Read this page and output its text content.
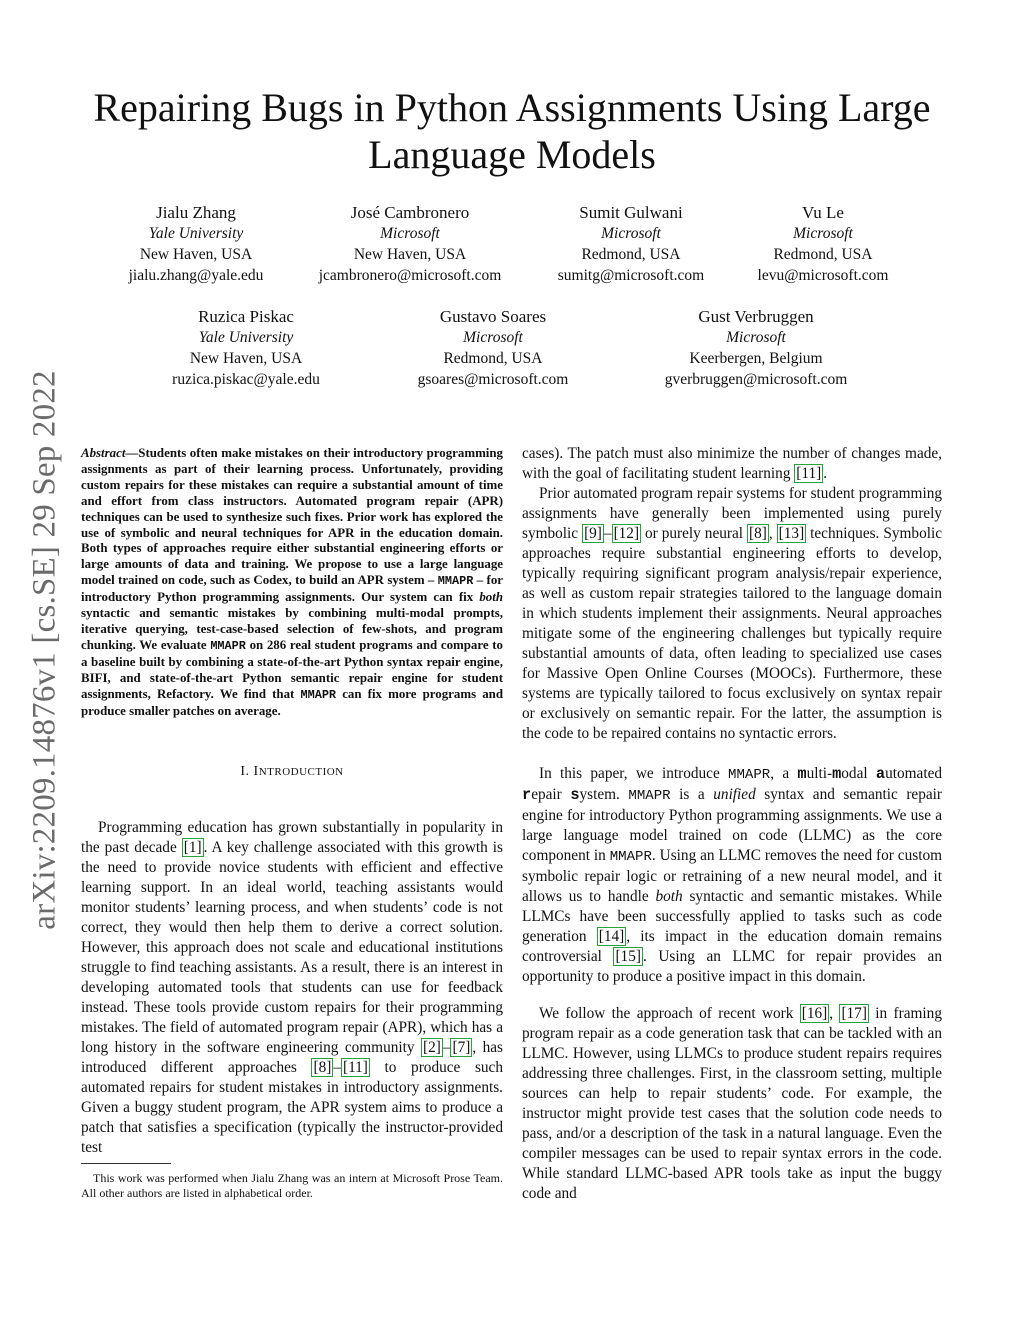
arXiv:2209.14876v1 [cs.SE] 29 Sep 2022
Repairing Bugs in Python Assignments Using Large
Language Models
Jialu Zhang
Yale University
New Haven, USA
jialu.zhang@yale.edu
José Cambronero
Microsoft
New Haven, USA
jcambronero@microsoft.com
Sumit Gulwani
Microsoft
Redmond, USA
sumitg@microsoft.com
Vu Le
Microsoft
Redmond, USA
levu@microsoft.com
Ruzica Piskac
Yale University
New Haven, USA
ruzica.piskac@yale.edu
Gustavo Soares
Microsoft
Redmond, USA
gsoares@microsoft.com
Gust Verbruggen
Microsoft
Keerbergen, Belgium
gverbruggen@microsoft.com

Abstract—Students often make mistakes on their introductory programming assignments as part of their learning process. Unfortunately, providing custom repairs for these mistakes can require a substantial amount of time and effort from class instructors. Automated program repair (APR) techniques can be used to synthesize such fixes. Prior work has explored the use of symbolic and neural techniques for APR in the education domain. Both types of approaches require either substantial engineering efforts or large amounts of data and training. We propose to use a large language model trained on code, such as Codex, to build an APR system – MMAPR – for introductory Python programming assignments. Our system can fix both syntactic and semantic mistakes by combining multi-modal prompts, iterative querying, test-case-based selection of few-shots, and program chunking. We evaluate MMAPR on 286 real student programs and compare to a baseline built by combining a state-of-the-art Python syntax repair engine, BIFI, and state-of-the-art Python semantic repair engine for student assignments, Refactory. We find that MMAPR can fix more programs and produce smaller patches on average.

I. INTRODUCTION

Programming education has grown substantially in popularity in the past decade [1] . A key challenge associated with this growth is the need to provide novice students with efficient and effective learning support. In an ideal world, teaching assistants would monitor students’ learning process, and when students’ code is not correct, they would then help them to derive a correct solution. However, this approach does not scale and educational institutions struggle to find teaching assistants. As a result, there is an interest in developing automated tools that students can use for feedback instead. These tools provide custom repairs for their programming mistakes. The field of automated program repair (APR), which has a long history in the software engineering community [2] – [7] , has introduced different approaches [8] – [11] to produce such automated repairs for student mistakes in introductory assignments. Given a buggy student program, the APR system aims to produce a patch that satisfies a specification (typically the instructor-provided test

This work was performed when Jialu Zhang was an intern at Microsoft Prose Team. All other authors are listed in alphabetical order.

cases). The patch must also minimize the number of changes made, with the goal of facilitating student learning [11] .

Prior automated program repair systems for student programming assignments have generally been implemented using purely symbolic [9] – [12] or purely neural [8] , [13] techniques. Symbolic approaches require substantial engineering efforts to develop, typically requiring significant program analysis/repair experience, as well as custom repair strategies tailored to the language domain in which students implement their assignments. Neural approaches mitigate some of the engineering challenges but typically require substantial amounts of data, often leading to specialized use cases for Massive Open Online Courses (MOOCs). Furthermore, these systems are typically tailored to focus exclusively on syntax repair or exclusively on semantic repair. For the latter, the assumption is the code to be repaired contains no syntactic errors.

In this paper, we introduce MMAPR, a multi-modal automated repair system. MMAPR is a unified syntax and semantic repair engine for introductory Python programming assignments. We use a large language model trained on code (LLMC) as the core component in MMAPR. Using an LLMC removes the need for custom symbolic repair logic or retraining of a new neural model, and it allows us to handle both syntactic and semantic mistakes. While LLMCs have been successfully applied to tasks such as code generation [14] , its impact in the education domain remains controversial [15] . Using an LLMC for repair provides an opportunity to produce a positive impact in this domain.

We follow the approach of recent work [16] , [17] in framing program repair as a code generation task that can be tackled with an LLMC. However, using LLMCs to produce student repairs requires addressing three challenges. First, in the classroom setting, multiple sources can help to repair students’ code. For example, the instructor might provide test cases that the solution code needs to pass, and/or a description of the task in a natural language. Even the compiler messages can be used to repair syntax errors in the code. While standard LLMC-based APR tools take as input the buggy code and
